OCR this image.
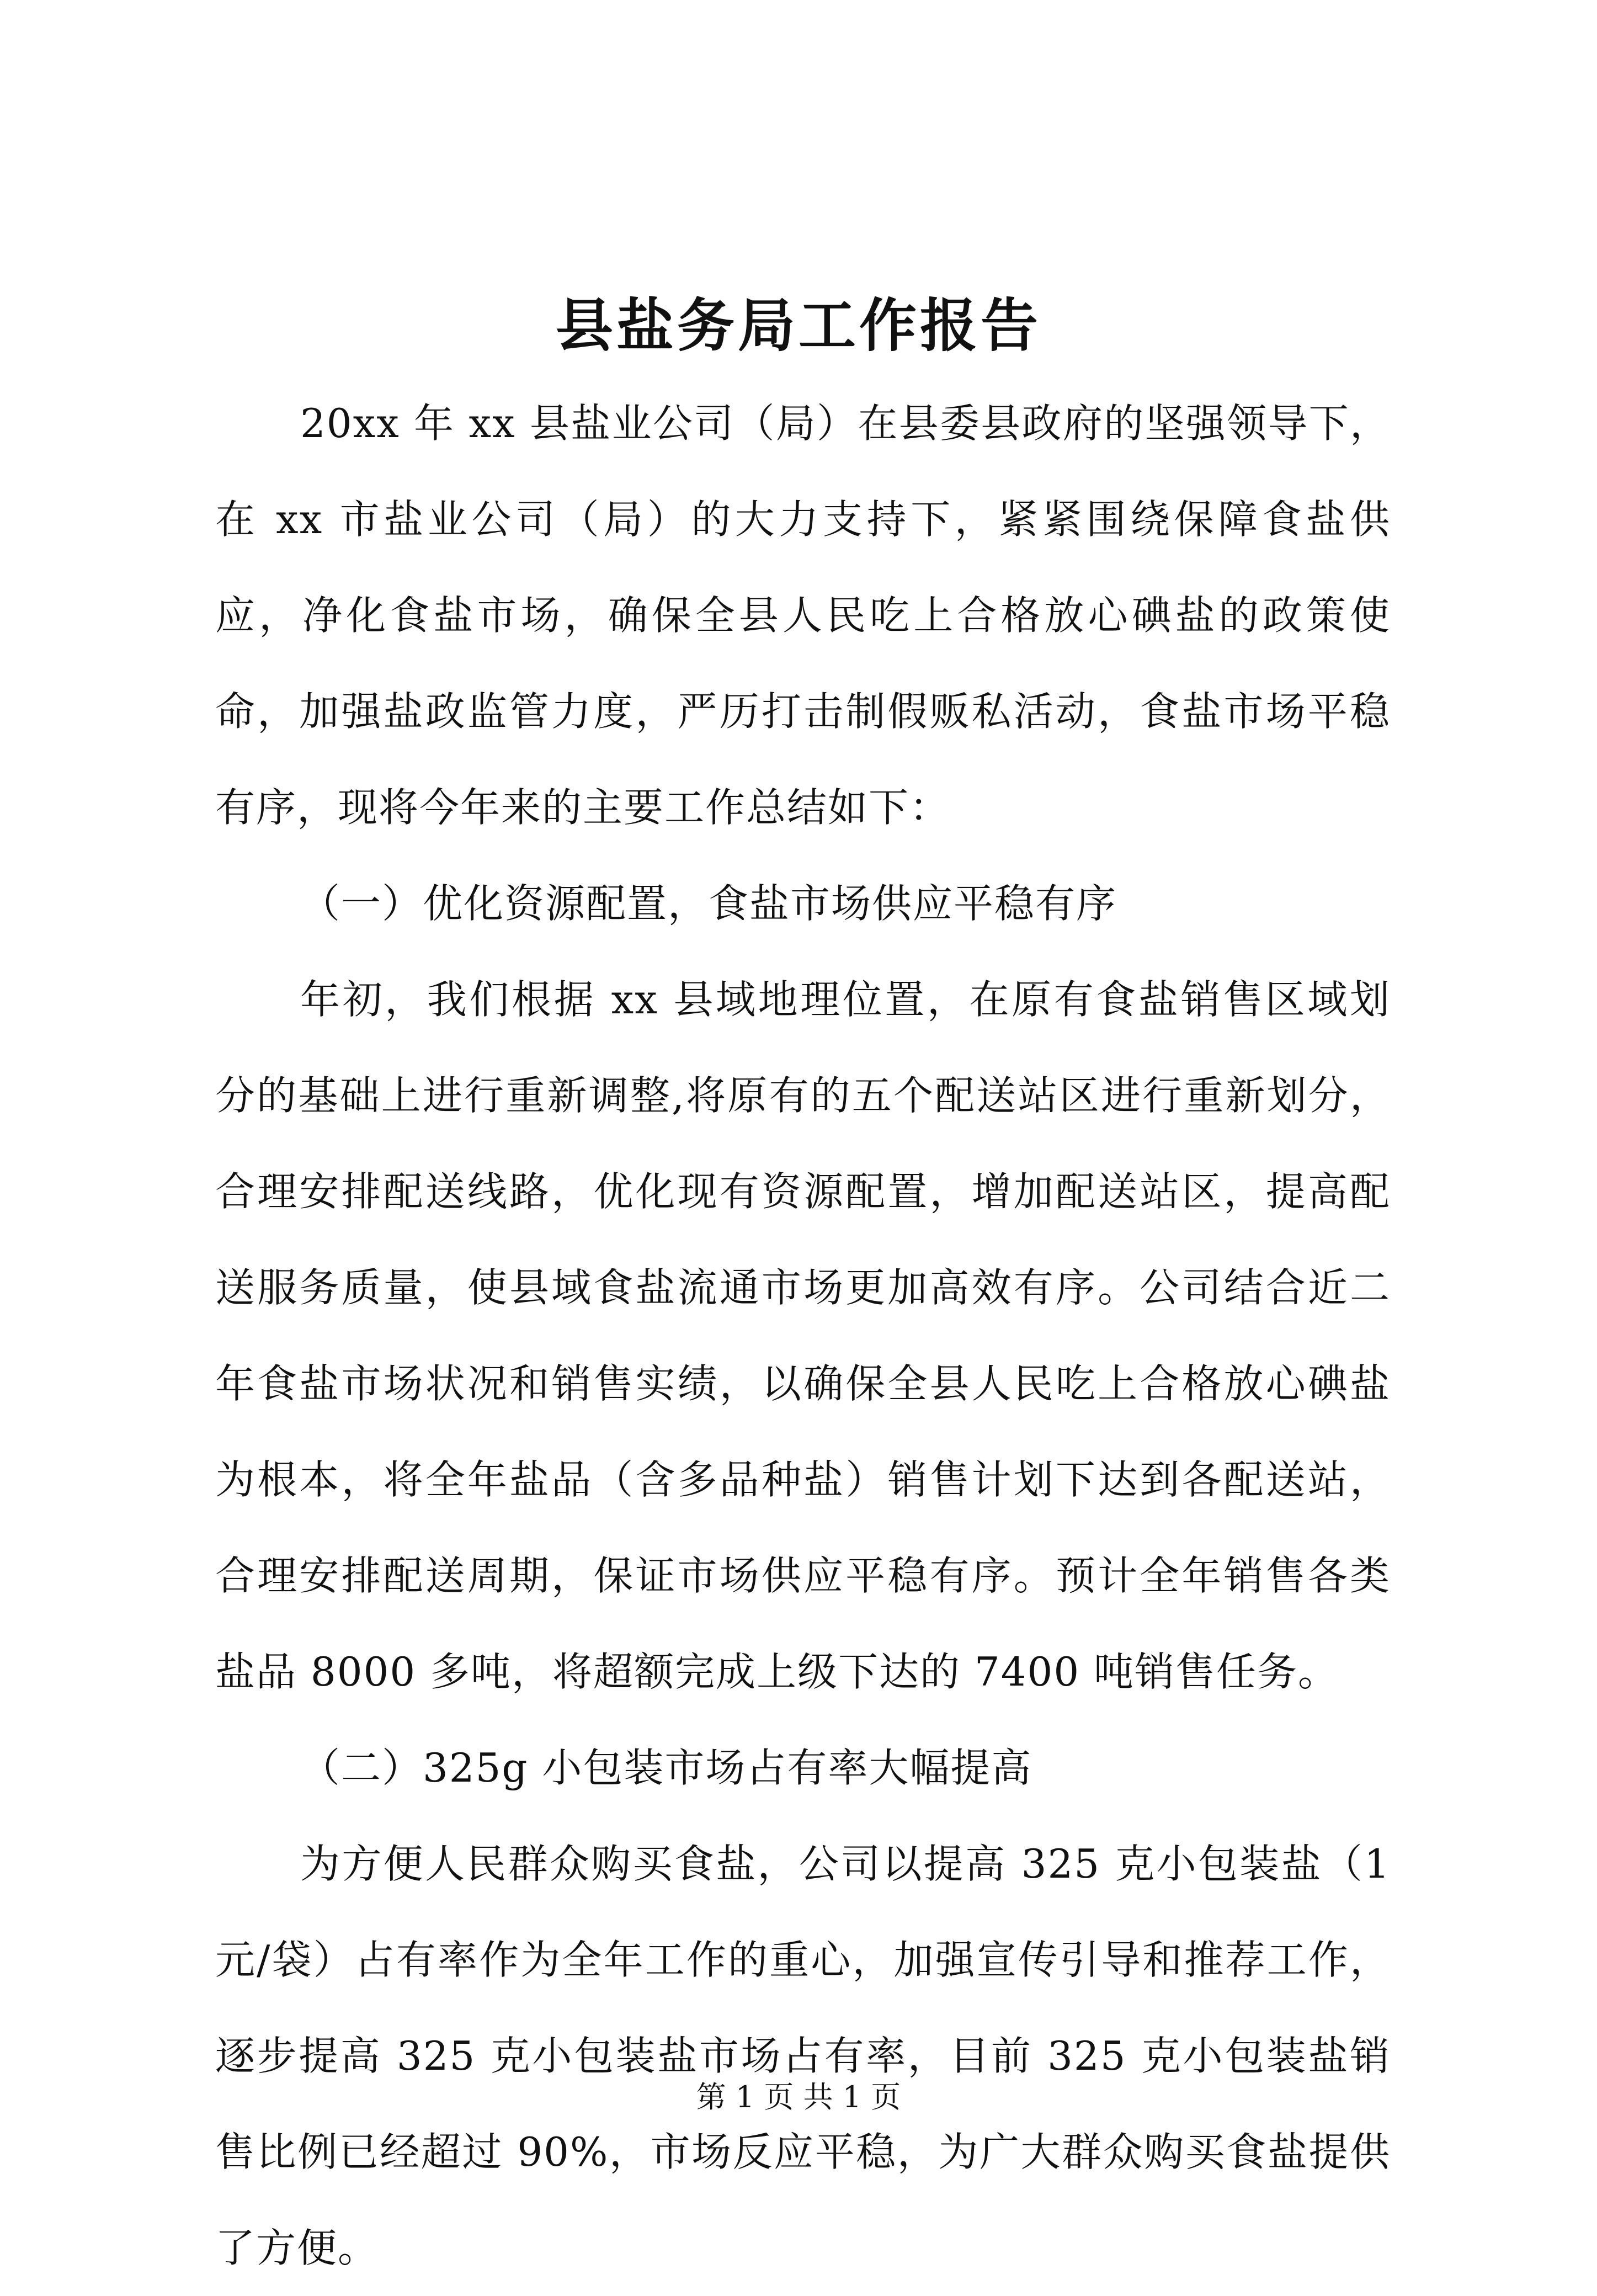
县盐务局工作报告

20xx 年 xx 县盐业公司（局）在县委县政府的坚强领导下，在 xx 市盐业公司（局）的大力支持下，紧紧围绕保障食盐供应，净化食盐市场，确保全县人民吃上合格放心碘盐的政策使命，加强盐政监管力度，严历打击制假贩私活动，食盐市场平稳有序，现将今年来的主要工作总结如下：

（一）优化资源配置，食盐市场供应平稳有序

年初，我们根据 xx 县域地理位置，在原有食盐销售区域划分的基础上进行重新调整,将原有的五个配送站区进行重新划分，合理安排配送线路，优化现有资源配置，增加配送站区，提高配送服务质量，使县域食盐流通市场更加高效有序。公司结合近二年食盐市场状况和销售实绩，以确保全县人民吃上合格放心碘盐为根本，将全年盐品（含多品种盐）销售计划下达到各配送站，合理安排配送周期，保证市场供应平稳有序。预计全年销售各类盐品 8000 多吨，将超额完成上级下达的 7400 吨销售任务。

（二）325g 小包装市场占有率大幅提高

为方便人民群众购买食盐，公司以提高 325 克小包装盐（1元/袋）占有率作为全年工作的重心，加强宣传引导和推荐工作，逐步提高 325 克小包装盐市场占有率，目前 325 克小包装盐销售比例已经超过 90%，市场反应平稳，为广大群众购买食盐提供了方便。

第 1 页 共 1 页
